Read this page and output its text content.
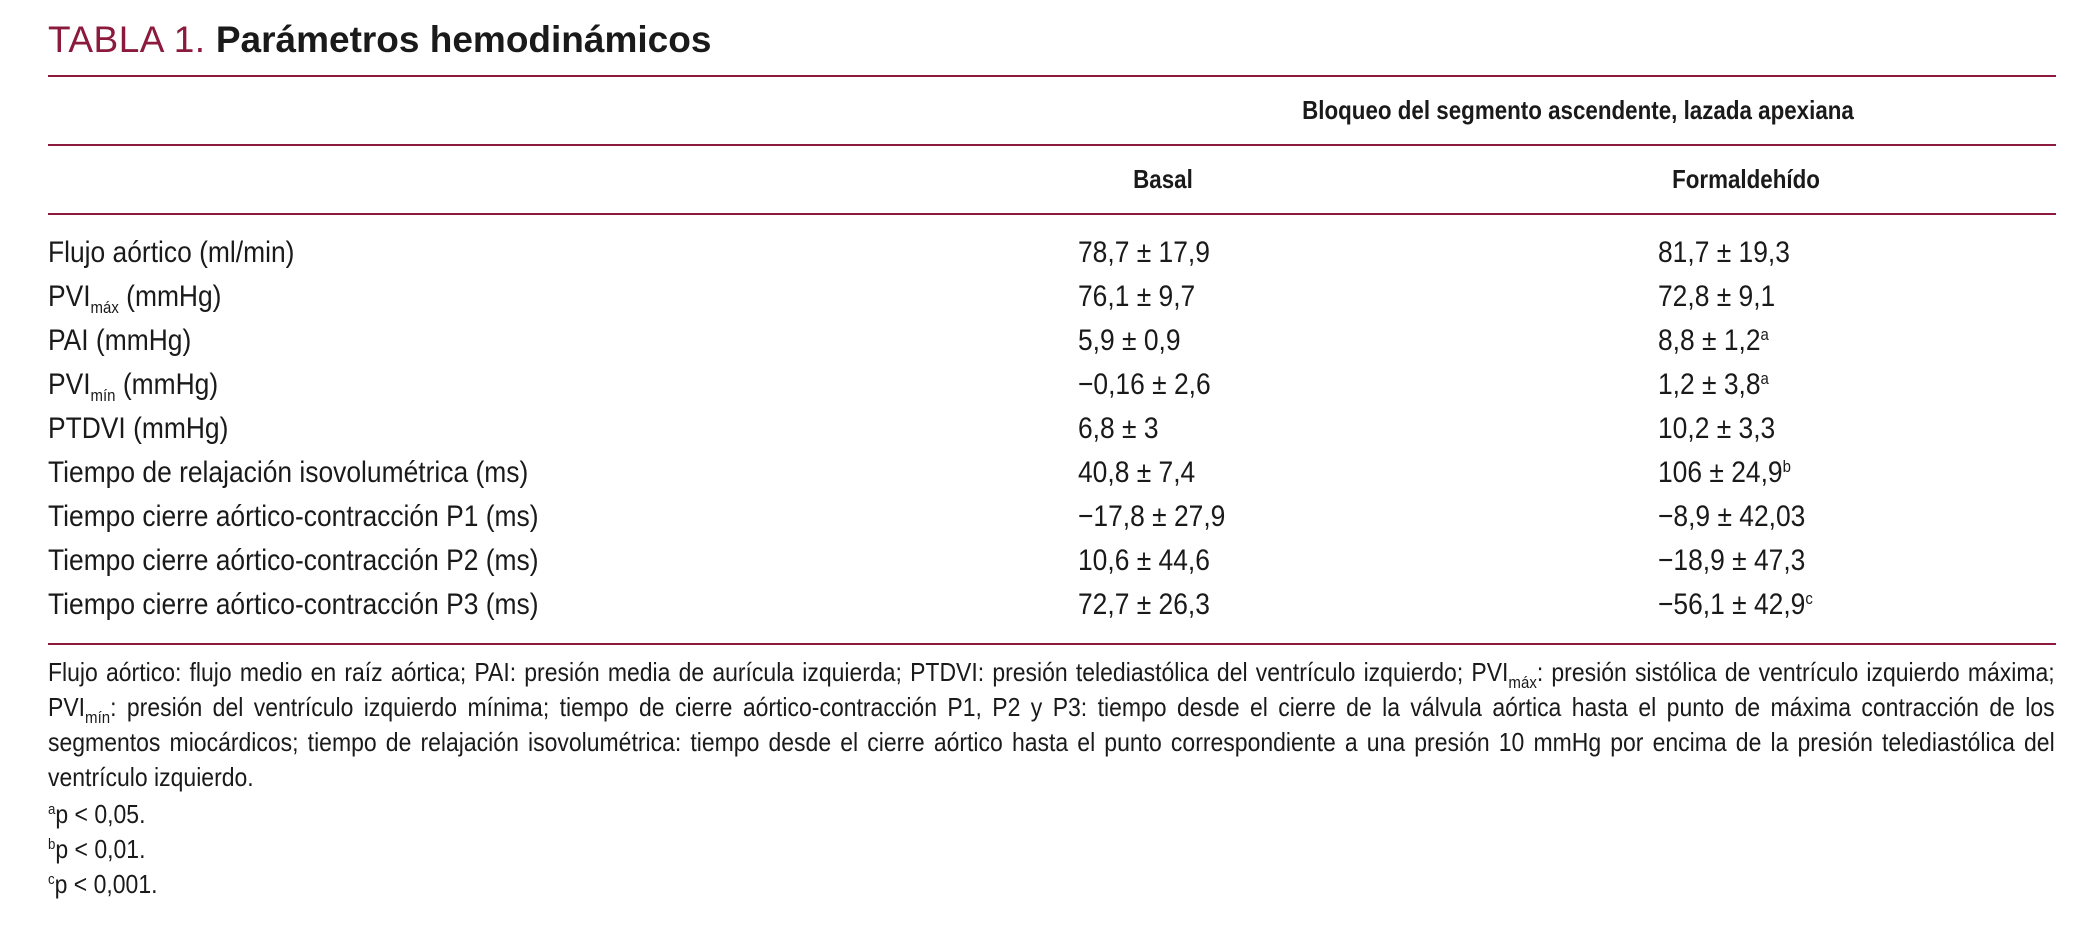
TABLA 1. Parámetros hemodinámicos
Bloqueo del segmento ascendente, lazada apexiana
Basal	Formaldehído
Flujo aórtico (ml/min)	78,7 ± 17,9	81,7 ± 19,3
$PVI_{máx}$ (mmHg)	76,1 ± 9,7	72,8 ± 9,1
PAI (mmHg)	5,9 ± 0,9	8,8 ± 1,2$^a$
$PVI_{mín}$ (mmHg)	−0,16 ± 2,6	1,2 ± 3,8$^a$
PTDVI (mmHg)	6,8 ± 3	10,2 ± 3,3
Tiempo de relajación isovolumétrica (ms)	40,8 ± 7,4	106 ± 24,9$^b$
Tiempo cierre aórtico-contracción P1 (ms)	−17,8 ± 27,9	−8,9 ± 42,03
Tiempo cierre aórtico-contracción P2 (ms)	10,6 ± 44,6	−18,9 ± 47,3
Tiempo cierre aórtico-contracción P3 (ms)	72,7 ± 26,3	−56,1 ± 42,9$^c$
Flujo aórtico: flujo medio en raíz aórtica; PAI: presión media de aurícula izquierda; PTDVI: presión telediastólica del ventrículo izquierdo; $PVI_{máx}$: presión sistólica de ventrículo izquierdo máxima; $PVI_{mín}$: presión del ventrículo izquierdo mínima; tiempo de cierre aórtico-contracción P1, P2 y P3: tiempo desde el cierre de la válvula aórtica hasta el punto de máxima contracción de los segmentos miocárdicos; tiempo de relajación isovolumétrica: tiempo desde el cierre aórtico hasta el punto correspondiente a una presión 10 mmHg por encima de la presión telediastólica del ventrículo izquierdo.
$^a$p < 0,05.
$^b$p < 0,01.
$^c$p < 0,001.
